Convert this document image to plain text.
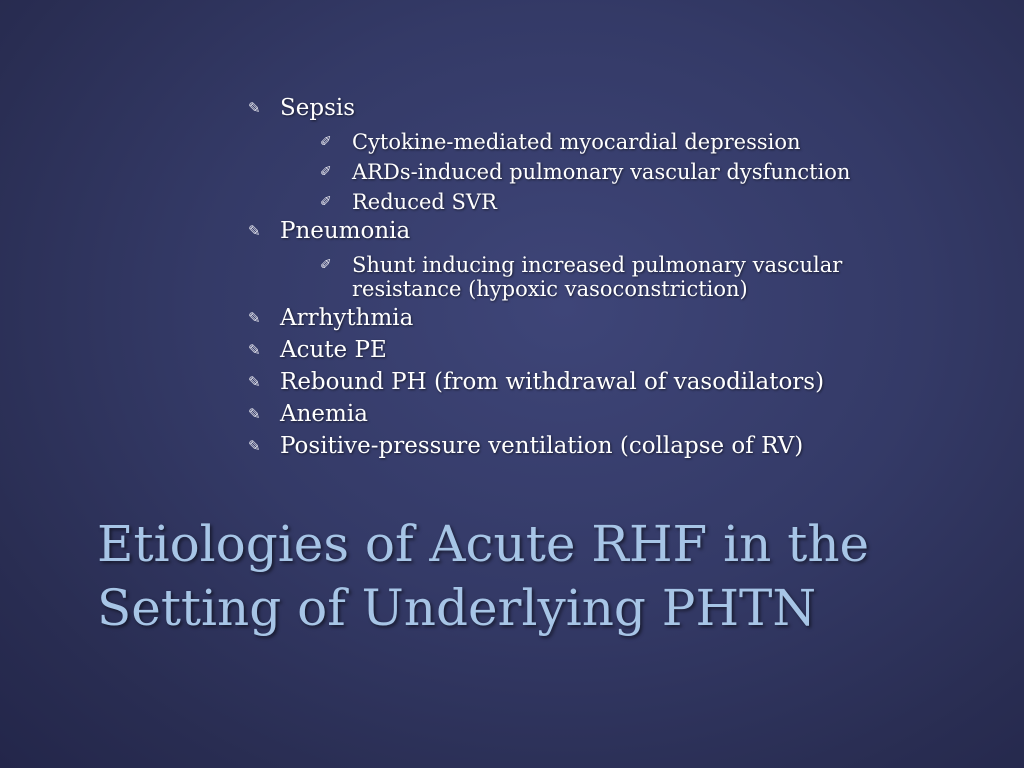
✎ Sepsis
✐ Cytokine-mediated myocardial depression
✐ ARDs-induced pulmonary vascular dysfunction
✐ Reduced SVR
✎ Pneumonia
✐ Shunt inducing increased pulmonary vascular resistance (hypoxic vasoconstriction)
✎ Arrhythmia
✎ Acute PE
✎ Rebound PH (from withdrawal of vasodilators)
✎ Anemia
✎ Positive-pressure ventilation (collapse of RV)
Etiologies of Acute RHF in the Setting of Underlying PHTN
